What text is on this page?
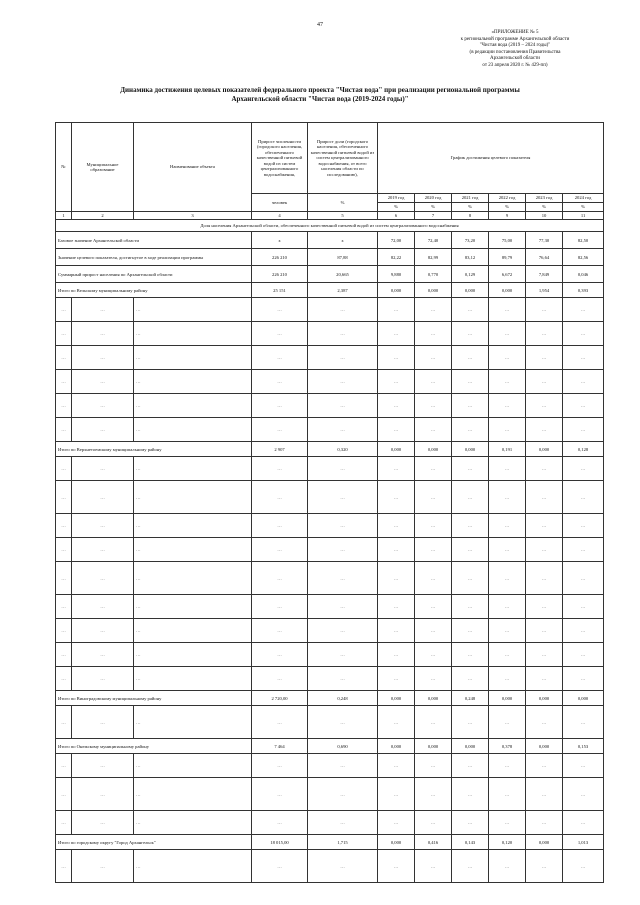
47
«ПРИЛОЖЕНИЕ № 5
к региональной программе Архангельской области
"Чистая вода (2019 – 2024 годы)"
(в редакции постановления Правительства
Архангельской области
от 23 апреля 2020 г. № 429-пп)
Динамика достижения целевых показателей федерального проекта "Чистая вода" при реализации региональной программы
Архангельской области "Чистая вода (2019-2024 годы)"
№	Муниципальное образование	Наименование объекта	Прирост численности (городского населения, обеспеченного качественной питьевой водой из систем централизованного водоснабжения,	Прирост доли (городского населения, обеспеченного качественной питьевой водой из систем централизованного водоснабжения, от всего населения области по исследованию),	График достижения целевого показателя					
			человек	%	2019 год	2020 год	2021 год	2022 год	2023 год	2024 год
					%	%	%	%	%	%
1	2	3	4	5	6	7	8	9	10	11
Доля населения Архангельской области, обеспеченного качественной питьевой водой из систем централизованного водоснабжения										
Базовое значение Архангельской области			x	x	72,00	72,40	73,20	75,00	77,30	82,50
Значение целевого показателя, достигнутое в ходе реализации программы			226 210	87,88	82,22	82,99	83,12	89,79	76,64	82,56
Суммарный прирост населения по Архангельской области			226 210	20,665	9,880	0,770	0,129	6,672	7,849	0,046
Итого по Вельскому муниципальному району			25 151	2,387	0,000	0,000	0,000	0,000	1,954	0,393
…	…	…	…	…	…	…	…	…	…	…
…	…	…	…	…	…	…	…	…	…	…
…	…	…	…	…	…	…	…	…	…	…
…	…	…	…	…	…	…	…	…	…	…
…	…	…	…	…	…	…	…	…	…	…
…	…	…	…	…	…	…	…	…	…	…
Итого по Верхнетоемскому муниципальному району			2 907	0,320	0,000	0,000	0,000	0,191	0,000	0,128
…	…	…	…	…	…	…	…	…	…	…
…	…	…	…	…	…	…	…	…	…	…
…	…	…	…	…	…	…	…	…	…	…
…	…	…	…	…	…	…	…	…	…	…
…	…	…	…	…	…	…	…	…	…	…
…	…	…	…	…	…	…	…	…	…	…
…	…	…	…	…	…	…	…	…	…	…
…	…	…	…	…	…	…	…	…	…	…
…	…	…	…	…	…	…	…	…	…	…
Итого по Виноградовскому муниципальному району			2 720,00	0,248	0,000	0,000	0,248	0,000	0,000	0,000
…	…	…	…	…	…	…	…	…	…	…
Итого по Онежскому муниципальному району			7 464	0,690	0,000	0,000	0,000	0,378	0,000	0,153
…	…	…	…	…	…	…	…	…	…	…
…	…	…	…	…	…	…	…	…	…	…
…	…	…	…	…	…	…	…	…	…	…
Итого по городскому округу "Город Архангельск"			18 015,00	1,715	0,000	0,416	0,143	0,120	0,000	1,013
…	…	…	…	…	…	…	…	…	…	…
